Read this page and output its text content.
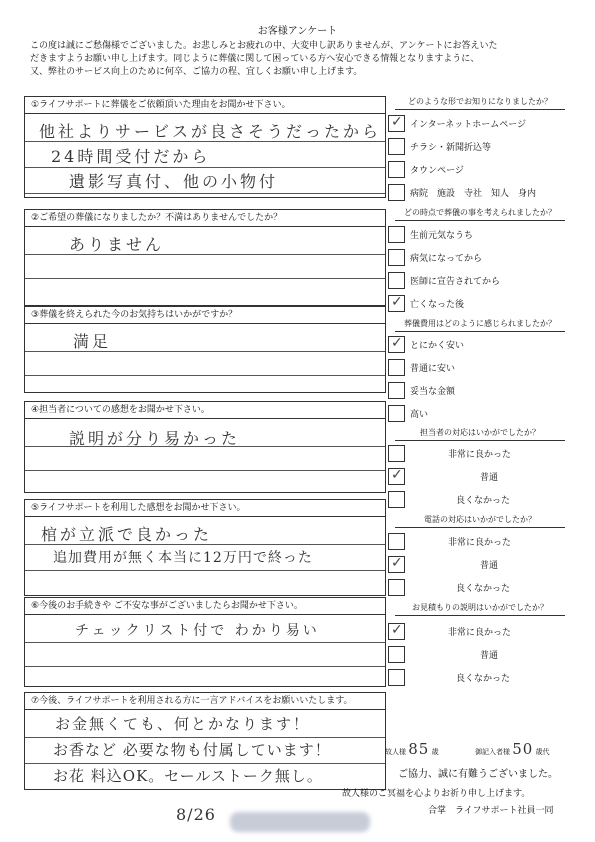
お客様アンケート
この度は誠にご愁傷様でございました。お悲しみとお疲れの中、大変申し訳ありませんが、アンケートにお答えいた
だきますようお願い申し上げます。同じように葬儀に関して困っている方へ安心できる情報となりますように、
又、弊社のサービス向上のために何卒、ご協力の程、宜しくお願い申し上げます。
①ライフサポートに葬儀をご依頼頂いた理由をお聞かせ下さい。
他社よりサービスが良さそうだったから
24時間受付だから
遺影写真付、他の小物付
②ご希望の葬儀になりましたか？不満はありませんでしたか？
ありません
③葬儀を終えられた今のお気持ちはいかがですか？
満足
④担当者についての感想をお聞かせ下さい。
説明が分り易かった
⑤ライフサポートを利用した感想をお聞かせ下さい。
棺が立派で良かった
追加費用が無く本当に12万円で終った
⑥今後のお手続きや ご不安な事がございましたらお聞かせ下さい。
チェックリスト付で わかり易い
⑦今後、ライフサポートを利用される方に一言アドバイスをお願いいたします。
お金無くても、何とかなります！
お香など 必要な物も付属しています！
お花 料込OK。セールストーク無し。
どのような形でお知りになりましたか？
✓ インターネットホームページ
チラシ・新聞折込等
タウンページ
病院　施設　寺社　知人　身内
どの時点で葬儀の事を考えられましたか？
生前元気なうち
病気になってから
医師に宣告されてから
✓ 亡くなった後
葬儀費用はどのように感じられましたか？
✓ とにかく安い
普通に安い
妥当な金額
高い
担当者の対応はいかがでしたか？
非常に良かった
✓	普通
良くなかった
電話の対応はいかがでしたか？
非常に良かった
✓	普通
良くなかった
お見積もりの説明はいかがでしたか？
✓	非常に良かった
普通
良くなかった
故人様 85 歳	御記入者様 50 歳代
ご協力、誠に有難うございました。
故人様のご冥福を心よりお祈り申し上げます。
合掌　ライフサポート社員一同
8/26
